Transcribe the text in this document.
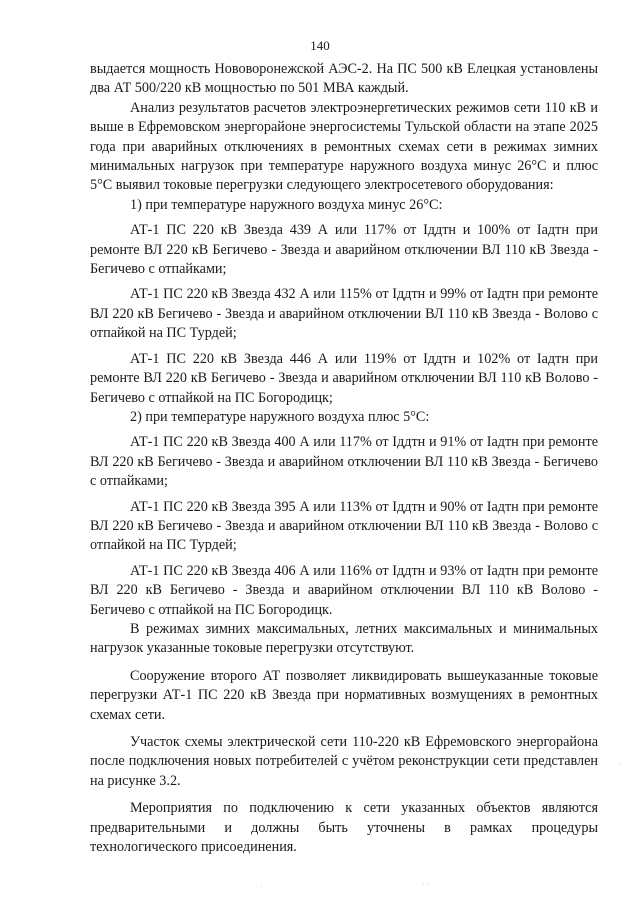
140

выдается мощность Нововоронежской АЭС-2. На ПС 500 кВ Елецкая установлены два АТ 500/220 кВ мощностью по 501 МВА каждый.

Анализ результатов расчетов электроэнергетических режимов сети 110 кВ и выше в Ефремовском энергорайоне энергосистемы Тульской области на этапе 2025 года при аварийных отключениях в ремонтных схемах сети в режимах зимних минимальных нагрузок при температуре наружного воздуха минус 26°С и плюс 5°С выявил токовые перегрузки следующего электросетевого оборудования:

1) при температуре наружного воздуха минус 26°С:

АТ-1 ПС 220 кВ Звезда 439 А или 117% от Iддтн и 100% от Iадтн при ремонте ВЛ 220 кВ Бегичево - Звезда и аварийном отключении ВЛ 110 кВ Звезда - Бегичево с отпайками;

АТ-1 ПС 220 кВ Звезда 432 А или 115% от Iддтн и 99% от Iадтн при ремонте ВЛ 220 кВ Бегичево - Звезда и аварийном отключении ВЛ 110 кВ Звезда - Волово с отпайкой на ПС Турдей;

АТ-1 ПС 220 кВ Звезда 446 А или 119% от Iддтн и 102% от Iадтн при ремонте ВЛ 220 кВ Бегичево - Звезда и аварийном отключении ВЛ 110 кВ Волово - Бегичево с отпайкой на ПС Богородицк;

2) при температуре наружного воздуха плюс 5°С:

АТ-1 ПС 220 кВ Звезда 400 А или 117% от Iддтн и 91% от Iадтн при ремонте ВЛ 220 кВ Бегичево - Звезда и аварийном отключении ВЛ 110 кВ Звезда - Бегичево с отпайками;

АТ-1 ПС 220 кВ Звезда 395 А или 113% от Iддтн и 90% от Iадтн при ремонте ВЛ 220 кВ Бегичево - Звезда и аварийном отключении ВЛ 110 кВ Звезда - Волово с отпайкой на ПС Турдей;

АТ-1 ПС 220 кВ Звезда 406 А или 116% от Iддтн и 93% от Iадтн при ремонте ВЛ 220 кВ Бегичево - Звезда и аварийном отключении ВЛ 110 кВ Волово - Бегичево с отпайкой на ПС Богородицк.

В режимах зимних максимальных, летних максимальных и минимальных нагрузок указанные токовые перегрузки отсутствуют.

Сооружение второго АТ позволяет ликвидировать вышеуказанные токовые перегрузки АТ-1 ПС 220 кВ Звезда при нормативных возмущениях в ремонтных схемах сети.

Участок схемы электрической сети 110-220 кВ Ефремовского энергорайона после подключения новых потребителей с учётом реконструкции сети представлен на рисунке 3.2.

Мероприятия по подключению к сети указанных объектов являются предварительными и должны быть уточнены в рамках процедуры технологического присоединения.

·
·	· ·
